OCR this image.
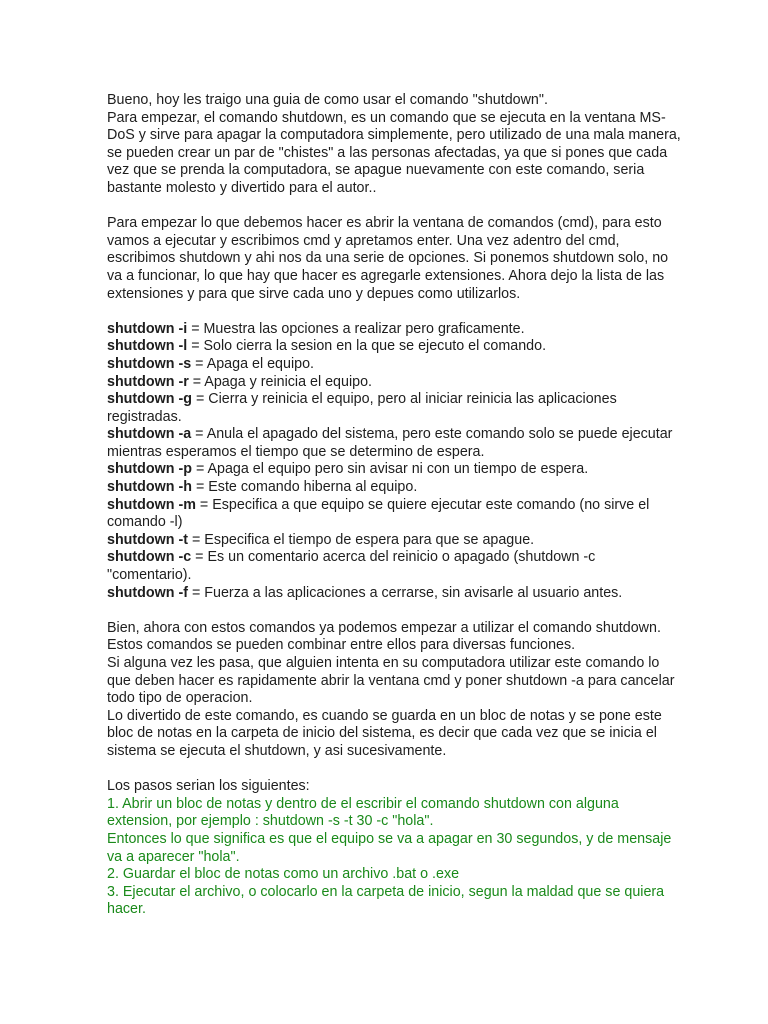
Bueno, hoy les traigo una guia de como usar el comando "shutdown".
Para empezar, el comando shutdown, es un comando que se ejecuta en la ventana MS-
DoS y sirve para apagar la computadora simplemente, pero utilizado de una mala manera,
se pueden crear un par de "chistes" a las personas afectadas, ya que si pones que cada
vez que se prenda la computadora, se apague nuevamente con este comando, seria
bastante molesto y divertido para el autor..
Para empezar lo que debemos hacer es abrir la ventana de comandos (cmd), para esto
vamos a ejecutar y escribimos cmd y apretamos enter. Una vez adentro del cmd,
escribimos shutdown y ahi nos da una serie de opciones. Si ponemos shutdown solo, no
va a funcionar, lo que hay que hacer es agregarle extensiones. Ahora dejo la lista de las
extensiones y para que sirve cada uno y depues como utilizarlos.
shutdown -i = Muestra las opciones a realizar pero graficamente.
shutdown -l = Solo cierra la sesion en la que se ejecuto el comando.
shutdown -s = Apaga el equipo.
shutdown -r = Apaga y reinicia el equipo.
shutdown -g = Cierra y reinicia el equipo, pero al iniciar reinicia las aplicaciones
registradas.
shutdown -a = Anula el apagado del sistema, pero este comando solo se puede ejecutar
mientras esperamos el tiempo que se determino de espera.
shutdown -p = Apaga el equipo pero sin avisar ni con un tiempo de espera.
shutdown -h = Este comando hiberna al equipo.
shutdown -m = Especifica a que equipo se quiere ejecutar este comando (no sirve el
comando -l)
shutdown -t = Especifica el tiempo de espera para que se apague.
shutdown -c = Es un comentario acerca del reinicio o apagado (shutdown -c
"comentario).
shutdown -f = Fuerza a las aplicaciones a cerrarse, sin avisarle al usuario antes.
Bien, ahora con estos comandos ya podemos empezar a utilizar el comando shutdown.
Estos comandos se pueden combinar entre ellos para diversas funciones.
Si alguna vez les pasa, que alguien intenta en su computadora utilizar este comando lo
que deben hacer es rapidamente abrir la ventana cmd y poner shutdown -a para cancelar
todo tipo de operacion.
Lo divertido de este comando, es cuando se guarda en un bloc de notas y se pone este
bloc de notas en la carpeta de inicio del sistema, es decir que cada vez que se inicia el
sistema se ejecuta el shutdown, y asi sucesivamente.
Los pasos serian los siguientes:
1. Abrir un bloc de notas y dentro de el escribir el comando shutdown con alguna
extension, por ejemplo : shutdown -s -t 30 -c "hola".
Entonces lo que significa es que el equipo se va a apagar en 30 segundos, y de mensaje
va a aparecer "hola".
2. Guardar el bloc de notas como un archivo .bat o .exe
3. Ejecutar el archivo, o colocarlo en la carpeta de inicio, segun la maldad que se quiera
hacer.
